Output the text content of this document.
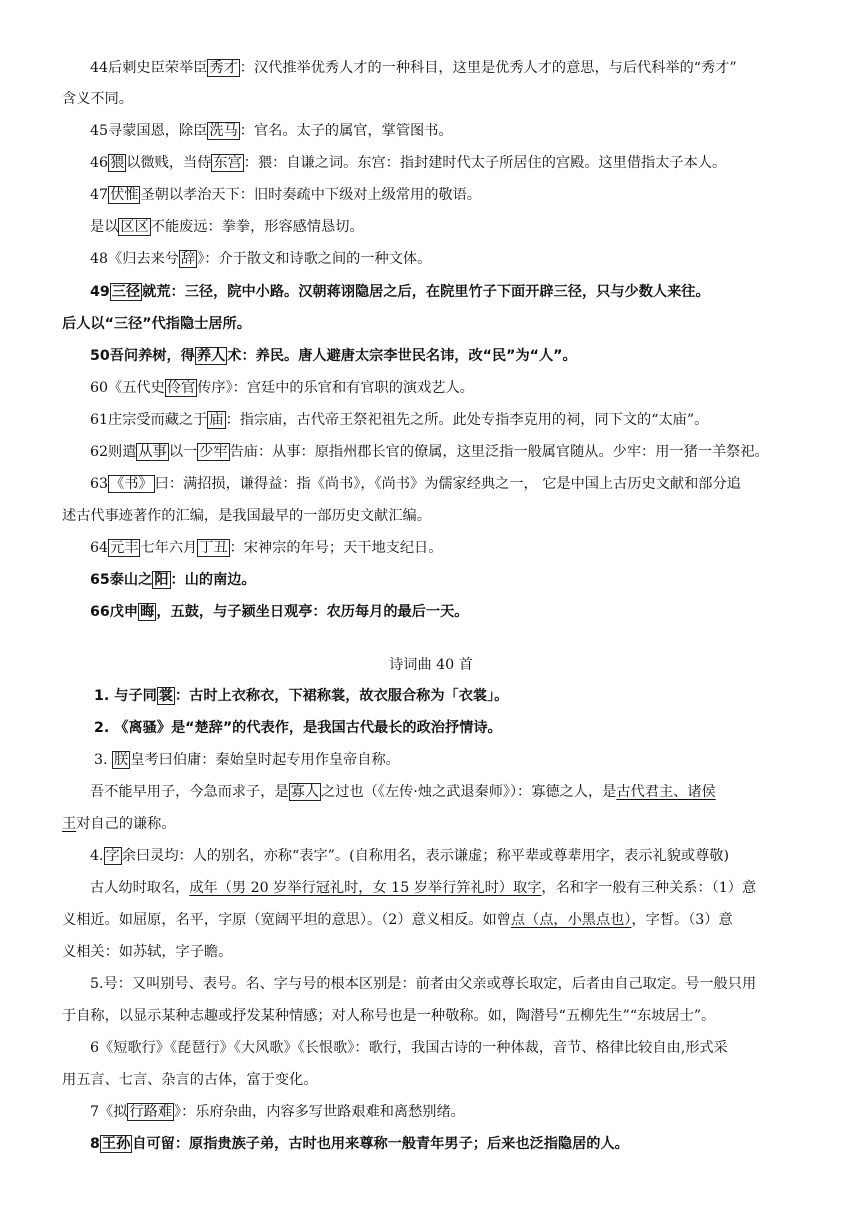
44后刺史臣荣举臣 秀才 ：汉代推举优秀人才的一种科目，这里是优秀人才的意思，与后代科举的“秀才”
含义不同。
45寻蒙国恩，除臣 洗马 ：官名。太子的属官，掌管图书。
46 猥 以微贱，当侍 东宫 ：猥：自谦之词。东宫：指封建时代太子所居住的宫殿。这里借指太子本人。
47 伏惟 圣朝以孝治天下：旧时奏疏中下级对上级常用的敬语。
是以 区区 不能废远：拳拳，形容感情恳切。
48《归去来兮 辞 》：介于散文和诗歌之间的一种文体。
49 三径 就荒：三径，院中小路。汉朝蒋诩隐居之后，在院里竹子下面开辟三径，只与少数人来往。
后人以“三径”代指隐士居所。
50吾问养树，得 养人 术：养民。唐人避唐太宗李世民名讳，改“民”为“人”。
60《五代史 伶官 传序》：宫廷中的乐官和有官职的演戏艺人。
61庄宗受而藏之于 庙 ：指宗庙，古代帝王祭祀祖先之所。此处专指李克用的祠，同下文的“太庙”。
62则遣 从事 以一 少牢 告庙：从事：原指州郡长官的僚属，这里泛指一般属官随从。少牢：用一猪一羊祭祀。
63 《书》 曰：满招损，谦得益：指《尚书》，《尚书》为儒家经典之一， 它是中国上古历史文献和部分追
述古代事迹著作的汇编，是我国最早的一部历史文献汇编。
64 元丰 七年六月 丁丑 ：宋神宗的年号；天干地支纪日。
65泰山之 阳 ：山的南边。
66戊申 晦 ，五鼓，与子颍坐日观亭：农历每月的最后一天。
诗词曲 40 首
1. 与子同 裳 ：古时上衣称衣，下裙称裳，故衣服合称为「衣裳」。
2. 《离骚》是“楚辞”的代表作，是我国古代最长的政治抒情诗。
3. 朕 皇考曰伯庸：秦始皇时起专用作皇帝自称。
吾不能早用子，今急而求子，是 寡人 之过也（《左传·烛之武退秦师》）：寡德之人，是古代君主、诸侯
王对自己的谦称。
4. 字 余曰灵均：人的别名，亦称“表字”。(自称用名，表示谦虚；称平辈或尊辈用字，表示礼貌或尊敬)
古人幼时取名，成年（男 20 岁举行冠礼时，女 15 岁举行笄礼时）取字，名和字一般有三种关系：（1）意
义相近。如屈原，名平，字原（宽阔平坦的意思）。（2）意义相反。如曾点（点，小黑点也），字皙。（3）意
义相关：如苏轼，字子瞻。
5.号：又叫别号、表号。名、字与号的根本区别是：前者由父亲或尊长取定，后者由自己取定。号一般只用
于自称，以显示某种志趣或抒发某种情感；对人称号也是一种敬称。如，陶潜号“五柳先生”“东坡居士”。
6《短歌行》《琵琶行》《大风歌》《长恨歌》：歌行，我国古诗的一种体裁，音节、格律比较自由,形式采
用五言、七言、杂言的古体，富于变化。
7《拟 行路难 》：乐府杂曲，内容多写世路艰难和离愁别绪。
8 王孙 自可留：原指贵族子弟，古时也用来尊称一般青年男子；后来也泛指隐居的人。
